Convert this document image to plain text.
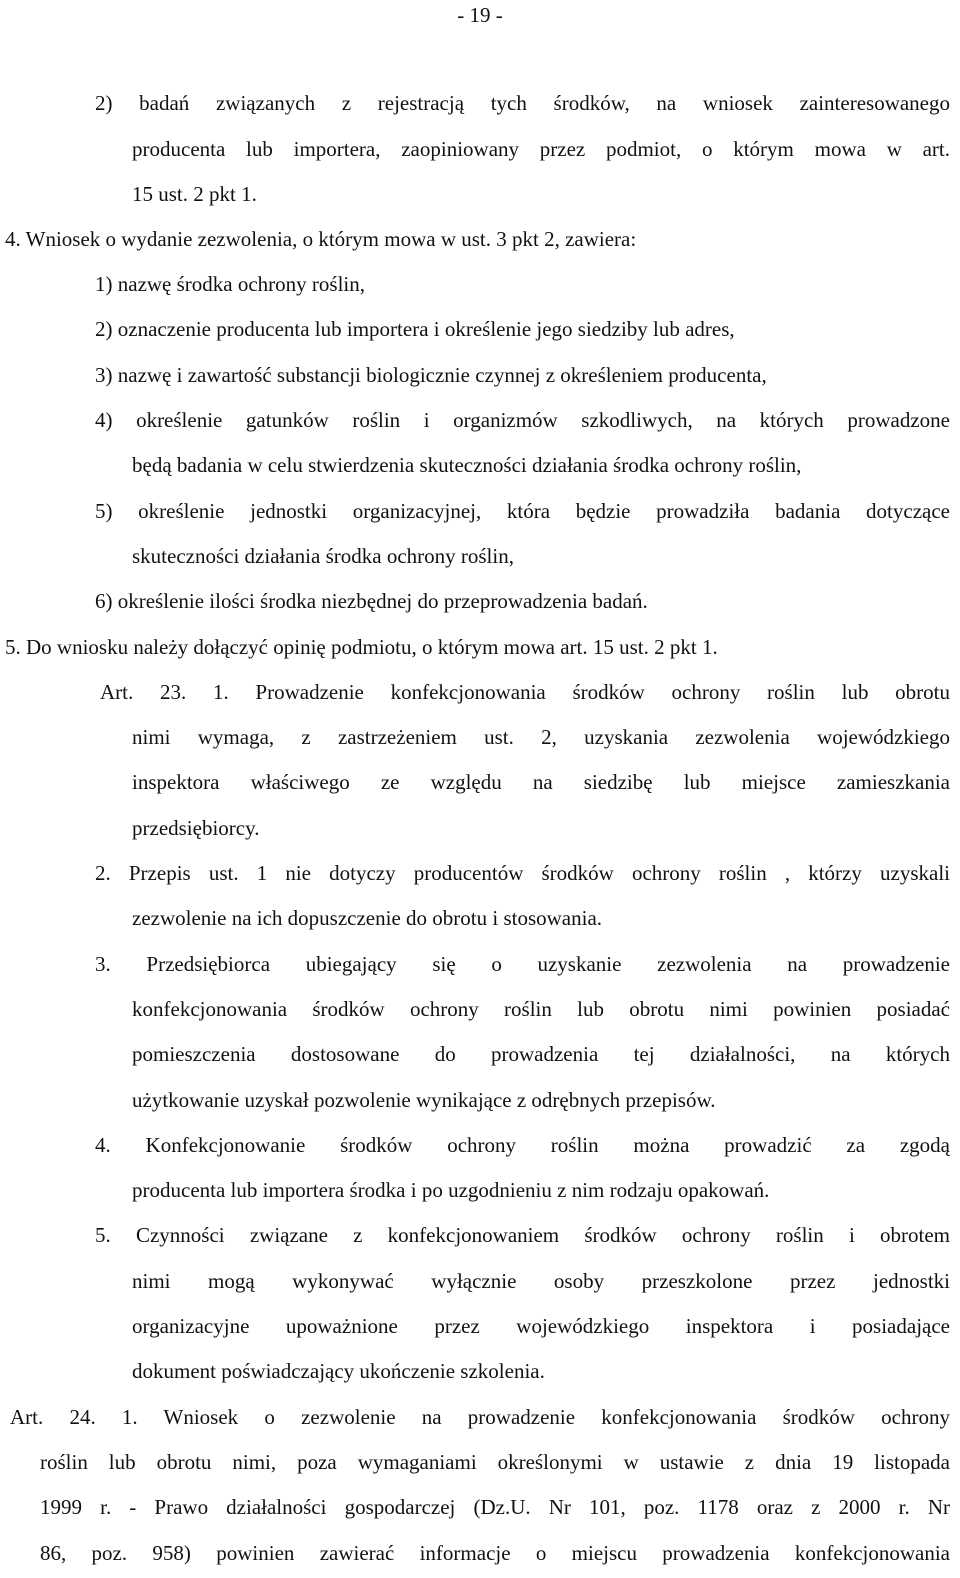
- 19 -
2) badań związanych z rejestracją tych środków, na wniosek zainteresowanego
producenta lub importera, zaopiniowany przez podmiot, o którym mowa w art.
15 ust. 2 pkt 1.
4. Wniosek o wydanie zezwolenia, o którym mowa w ust. 3 pkt 2, zawiera:
1) nazwę środka ochrony roślin,
2) oznaczenie producenta lub importera i określenie jego siedziby lub adres,
3) nazwę i zawartość substancji biologicznie czynnej z określeniem producenta,
4) określenie gatunków roślin i organizmów szkodliwych, na których prowadzone
będą badania w celu stwierdzenia skuteczności działania środka ochrony roślin,
5) określenie jednostki organizacyjnej, która będzie prowadziła badania dotyczące
skuteczności działania środka ochrony roślin,
6) określenie ilości środka niezbędnej do przeprowadzenia badań.
5. Do wniosku należy dołączyć opinię podmiotu, o którym mowa art. 15 ust. 2 pkt 1.
Art. 23. 1. Prowadzenie konfekcjonowania środków ochrony roślin lub obrotu
nimi wymaga, z zastrzeżeniem ust. 2, uzyskania zezwolenia wojewódzkiego
inspektora właściwego ze względu na siedzibę lub miejsce zamieszkania
przedsiębiorcy.
2. Przepis ust. 1 nie dotyczy producentów środków ochrony roślin , którzy uzyskali
zezwolenie na ich dopuszczenie do obrotu i stosowania.
3. Przedsiębiorca ubiegający się o uzyskanie zezwolenia na prowadzenie
konfekcjonowania środków ochrony roślin lub obrotu nimi powinien posiadać
pomieszczenia dostosowane do prowadzenia tej działalności, na których
użytkowanie uzyskał pozwolenie wynikające z odrębnych przepisów.
4. Konfekcjonowanie środków ochrony roślin można prowadzić za zgodą
producenta lub importera środka i po uzgodnieniu z nim rodzaju opakowań.
5. Czynności związane z konfekcjonowaniem środków ochrony roślin i obrotem
nimi mogą wykonywać wyłącznie osoby przeszkolone przez jednostki
organizacyjne upoważnione przez wojewódzkiego inspektora i posiadające
dokument poświadczający ukończenie szkolenia.
Art. 24. 1. Wniosek o zezwolenie na prowadzenie konfekcjonowania środków ochrony
roślin lub obrotu nimi, poza wymaganiami określonymi w ustawie z dnia 19 listopada
1999 r. - Prawo działalności gospodarczej (Dz.U. Nr 101, poz. 1178 oraz z 2000 r. Nr
86, poz. 958) powinien zawierać informacje o miejscu prowadzenia konfekcjonowania
